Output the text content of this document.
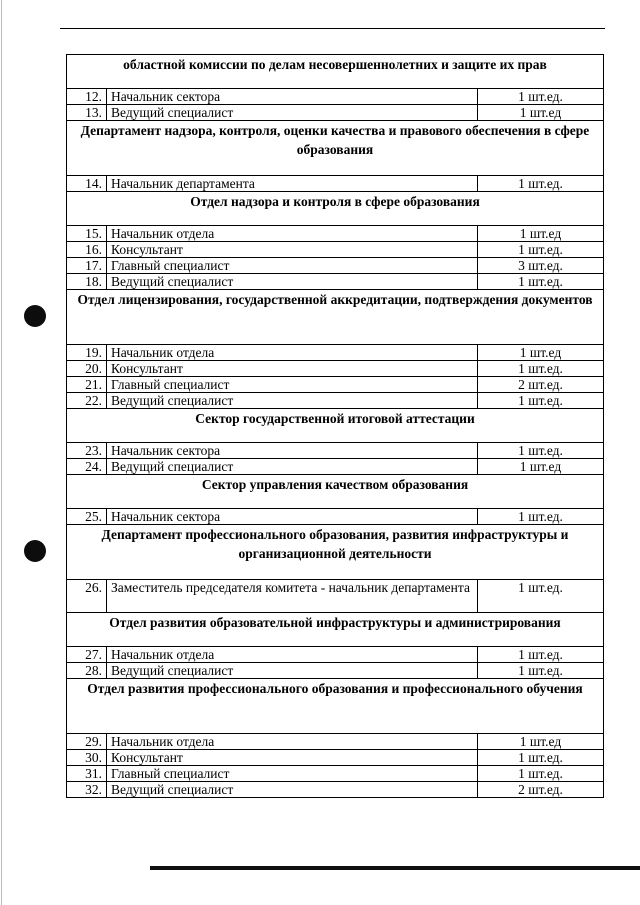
областной комиссии по делам несовершеннолетних и защите их прав		
12.	Начальник сектора	1 шт.ед.
13.	Ведущий специалист	1 шт.ед
Департамент надзора, контроля, оценки качества и правового обеспечения в сфере образования		
14.	Начальник департамента	1 шт.ед.
Отдел надзора и контроля в сфере образования		
15.	Начальник отдела	1 шт.ед
16.	Консультант	1 шт.ед.
17.	Главный специалист	3 шт.ед.
18.	Ведущий специалист	1 шт.ед.
Отдел лицензирования, государственной аккредитации, подтверждения документов		
19.	Начальник отдела	1 шт.ед
20.	Консультант	1 шт.ед.
21.	Главный специалист	2 шт.ед.
22.	Ведущий специалист	1 шт.ед.
Сектор государственной итоговой аттестации		
23.	Начальник сектора	1 шт.ед.
24.	Ведущий специалист	1 шт.ед
Сектор управления качеством образования		
25.	Начальник сектора	1 шт.ед.
Департамент профессионального образования, развития инфраструктуры и организационной деятельности		
26.	Заместитель председателя комитета - начальник департамента	1 шт.ед.
Отдел развития образовательной инфраструктуры и администрирования		
27.	Начальник отдела	1 шт.ед.
28.	Ведущий специалист	1 шт.ед.
Отдел развития профессионального образования и профессионального обучения		
29.	Начальник отдела	1 шт.ед
30.	Консультант	1 шт.ед.
31.	Главный специалист	1 шт.ед.
32.	Ведущий специалист	2 шт.ед.
